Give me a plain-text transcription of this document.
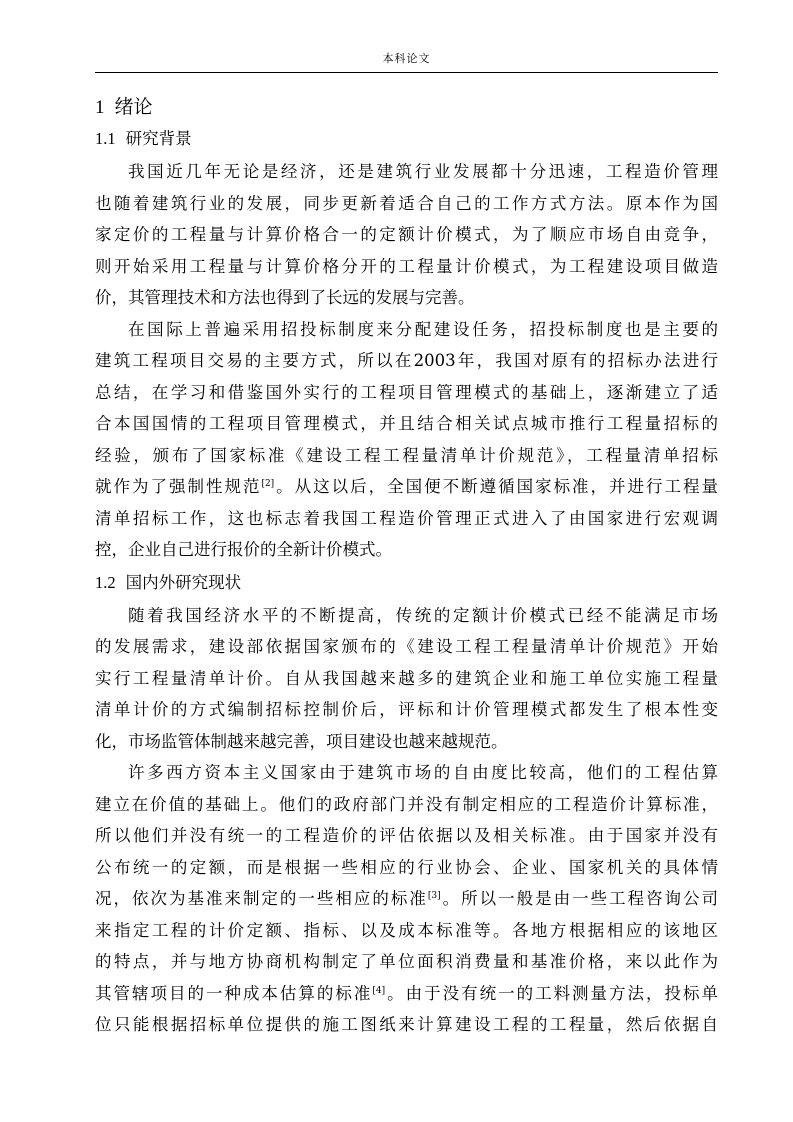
本科论文
1 绪论
1.1 研究背景
我国近几年无论是经济，还是建筑行业发展都十分迅速，工程造价管理
也随着建筑行业的发展，同步更新着适合自己的工作方式方法。原本作为国
家定价的工程量与计算价格合一的定额计价模式，为了顺应市场自由竞争，
则开始采用工程量与计算价格分开的工程量计价模式，为工程建设项目做造
价，其管理技术和方法也得到了长远的发展与完善。
在国际上普遍采用招投标制度来分配建设任务，招投标制度也是主要的
建筑工程项目交易的主要方式，所以在2003年，我国对原有的招标办法进行
总结，在学习和借鉴国外实行的工程项目管理模式的基础上，逐渐建立了适
合本国国情的工程项目管理模式，并且结合相关试点城市推行工程量招标的
经验，颁布了国家标准《建设工程工程量清单计价规范》，工程量清单招标
就作为了强制性规范[2]。从这以后，全国便不断遵循国家标准，并进行工程量
清单招标工作，这也标志着我国工程造价管理正式进入了由国家进行宏观调
控，企业自己进行报价的全新计价模式。
1.2 国内外研究现状
随着我国经济水平的不断提高，传统的定额计价模式已经不能满足市场
的发展需求，建设部依据国家颁布的《建设工程工程量清单计价规范》开始
实行工程量清单计价。自从我国越来越多的建筑企业和施工单位实施工程量
清单计价的方式编制招标控制价后，评标和计价管理模式都发生了根本性变
化，市场监管体制越来越完善，项目建设也越来越规范。
许多西方资本主义国家由于建筑市场的自由度比较高，他们的工程估算
建立在价值的基础上。他们的政府部门并没有制定相应的工程造价计算标准，
所以他们并没有统一的工程造价的评估依据以及相关标准。由于国家并没有
公布统一的定额，而是根据一些相应的行业协会、企业、国家机关的具体情
况，依次为基准来制定的一些相应的标准[3]。所以一般是由一些工程咨询公司
来指定工程的计价定额、指标、以及成本标准等。各地方根据相应的该地区
的特点，并与地方协商机构制定了单位面积消费量和基准价格，来以此作为
其管辖项目的一种成本估算的标准[4]。由于没有统一的工料测量方法，投标单
位只能根据招标单位提供的施工图纸来计算建设工程的工程量，然后依据自
